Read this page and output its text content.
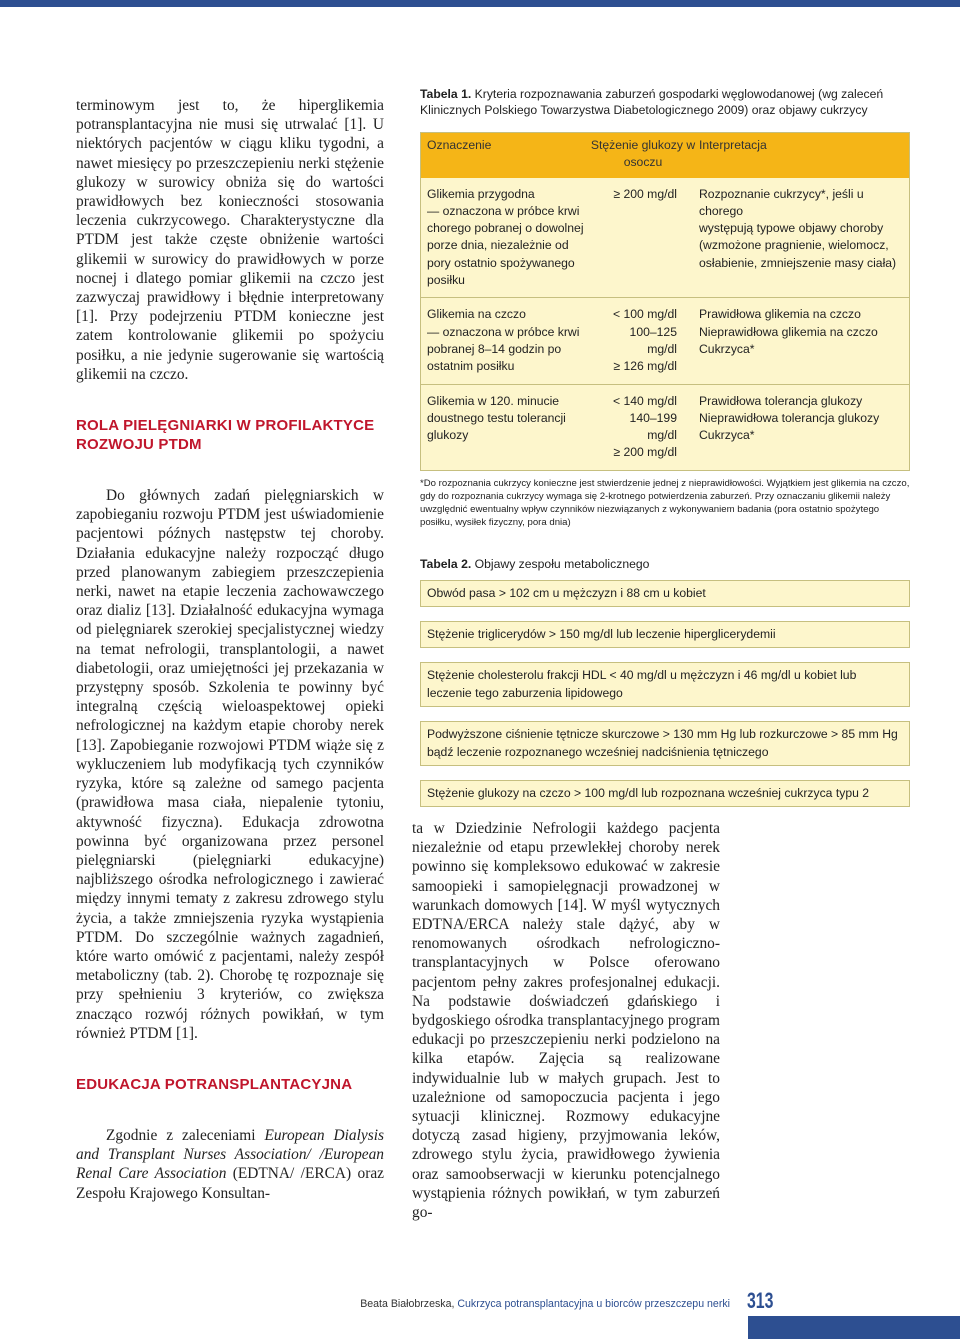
terminowym jest to, że hiperglikemia potransplantacyjna nie musi się utrwalać [1]. U niektórych pacjentów w ciągu kliku tygodni, a nawet miesięcy po przeszczepieniu nerki stężenie glukozy w surowicy obniża się do wartości prawidłowych bez konieczności stosowania leczenia cukrzycowego. Charakterystyczne dla PTDM jest także częste obniżenie wartości glikemii w surowicy do prawidłowych w porze nocnej i dlatego pomiar glikemii na czczo jest zazwyczaj prawidłowy i błędnie interpretowany [1]. Przy podejrzeniu PTDM konieczne jest zatem kontrolowanie glikemii po spożyciu posiłku, a nie jedynie sugerowanie się wartością glikemii na czczo.

ROLA PIELĘGNIARKI W PROFILAKTYCE ROZWOJU PTDM

Do głównych zadań pielęgniarskich w zapobieganiu rozwoju PTDM jest uświadomienie pacjentowi późnych następstw tej choroby. Działania edukacyjne należy rozpocząć długo przed planowanym zabiegiem przeszczepienia nerki, nawet na etapie leczenia zachowawczego oraz dializ [13]. Działalność edukacyjna wymaga od pielęgniarek szerokiej specjalistycznej wiedzy na temat nefrologii, transplantologii, a nawet diabetologii, oraz umiejętności jej przekazania w przystępny sposób. Szkolenia te powinny być integralną częścią wieloaspektowej opieki nefrologicznej na każdym etapie choroby nerek [13]. Zapobieganie rozwojowi PTDM wiąże się z wykluczeniem lub modyfikacją tych czynników ryzyka, które są zależne od samego pacjenta (prawidłowa masa ciała, niepalenie tytoniu, aktywność fizyczna). Edukacja zdrowotna powinna być organizowana przez personel pielęgniarski (pielęgniarki edukacyjne) najbliższego ośrodka nefrologicznego i zawierać między innymi tematy z zakresu zdrowego stylu życia, a także zmniejszenia ryzyka wystąpienia PTDM. Do szczególnie ważnych zagadnień, które warto omówić z pacjentami, należy zespół metaboliczny (tab. 2). Chorobę tę rozpoznaje się przy spełnieniu 3 kryteriów, co zwiększa znacząco rozwój różnych powikłań, w tym również PTDM [1].

EDUKACJA POTRANSPLANTACYJNA

Zgodnie z zaleceniami European Dialysis and Transplant Nurses Association/ /European Renal Care Association (EDTNA/ /ERCA) oraz Zespołu Krajowego Konsultan-

Tabela 1. Kryteria rozpoznawania zaburzeń gospodarki węglowodanowej (wg zaleceń Klinicznych Polskiego Towarzystwa Diabetologicznego 2009) oraz objawy cukrzycy

Oznaczenie	Stężenie glukozy w osoczu
Interpretacja
Glikemia przygodna
— oznaczona w próbce krwi
chorego pobranej o dowolnej
porze dnia, niezależnie od
pory ostatnio spożywanego
posiłku
≥ 200 mg/dl Rozpoznanie cukrzycy*, jeśli u chorego
występują typowe objawy choroby
(wzmożone pragnienie, wielomocz,
osłabienie, zmniejszenie masy ciała)
Glikemia na czczo
— oznaczona w próbce krwi
pobranej 8–14 godzin po
ostatnim posiłku
< 100 mg/dl
100–125 mg/dl
≥ 126 mg/dl
Prawidłowa glikemia na czczo
Nieprawidłowa glikemia na czczo
Cukrzyca*
Glikemia w 120. minucie
doustnego testu tolerancji
glukozy
< 140 mg/dl
140–199 mg/dl
≥ 200 mg/dl
Prawidłowa tolerancja glukozy
Nieprawidłowa tolerancja glukozy
Cukrzyca*

*Do rozpoznania cukrzycy konieczne jest stwierdzenie jednej z nieprawidłowości. Wyjątkiem jest glikemia na czczo, gdy do rozpoznania cukrzycy wymaga się 2-krotnego potwierdzenia zaburzeń. Przy oznaczaniu glikemii należy uwzględnić ewentualny wpływ czynników niezwiązanych z wykonywaniem badania (pora ostatnio spożytego posiłku, wysiłek fizyczny, pora dnia)

Tabela 2. Objawy zespołu metabolicznego

Obwód pasa > 102 cm u mężczyzn i 88 cm u kobiet
Stężenie triglicerydów > 150 mg/dl lub leczenie hiperglicerydemii
Stężenie cholesterolu frakcji HDL < 40 mg/dl u mężczyzn i 46 mg/dl u kobiet lub leczenie tego zaburzenia lipidowego
Podwyższone ciśnienie tętnicze skurczowe > 130 mm Hg lub rozkurczowe > 85 mm Hg bądź leczenie rozpoznanego wcześniej nadciśnienia tętniczego
Stężenie glukozy na czczo > 100 mg/dl lub rozpoznana wcześniej cukrzyca typu 2

ta w Dziedzinie Nefrologii każdego pacjenta niezależnie od etapu przewlekłej choroby nerek powinno się kompleksowo edukować w zakresie samoopieki i samopielęgnacji prowadzonej w warunkach domowych [14]. W myśl wytycznych EDTNA/ERCA należy stale dążyć, aby w renomowanych ośrodkach nefrologiczno-transplantacyjnych w Polsce oferowano pacjentom pełny zakres profesjonalnej edukacji. Na podstawie doświadczeń gdańskiego i bydgoskiego ośrodka transplantacyjnego program edukacji po przeszczepieniu nerki podzielono na kilka etapów. Zajęcia są realizowane indywidualnie lub w małych grupach. Jest to uzależnione od samopoczucia pacjenta i jego sytuacji klinicznej. Rozmowy edukacyjne dotyczą zasad higieny, przyjmowania leków, zdrowego stylu życia, prawidłowego żywienia oraz samoobserwacji w kierunku potencjalnego wystąpienia różnych powikłań, w tym zaburzeń go-

Beata Białobrzeska, Cukrzyca potransplantacyjna u biorców przeszczepu nerki 313
